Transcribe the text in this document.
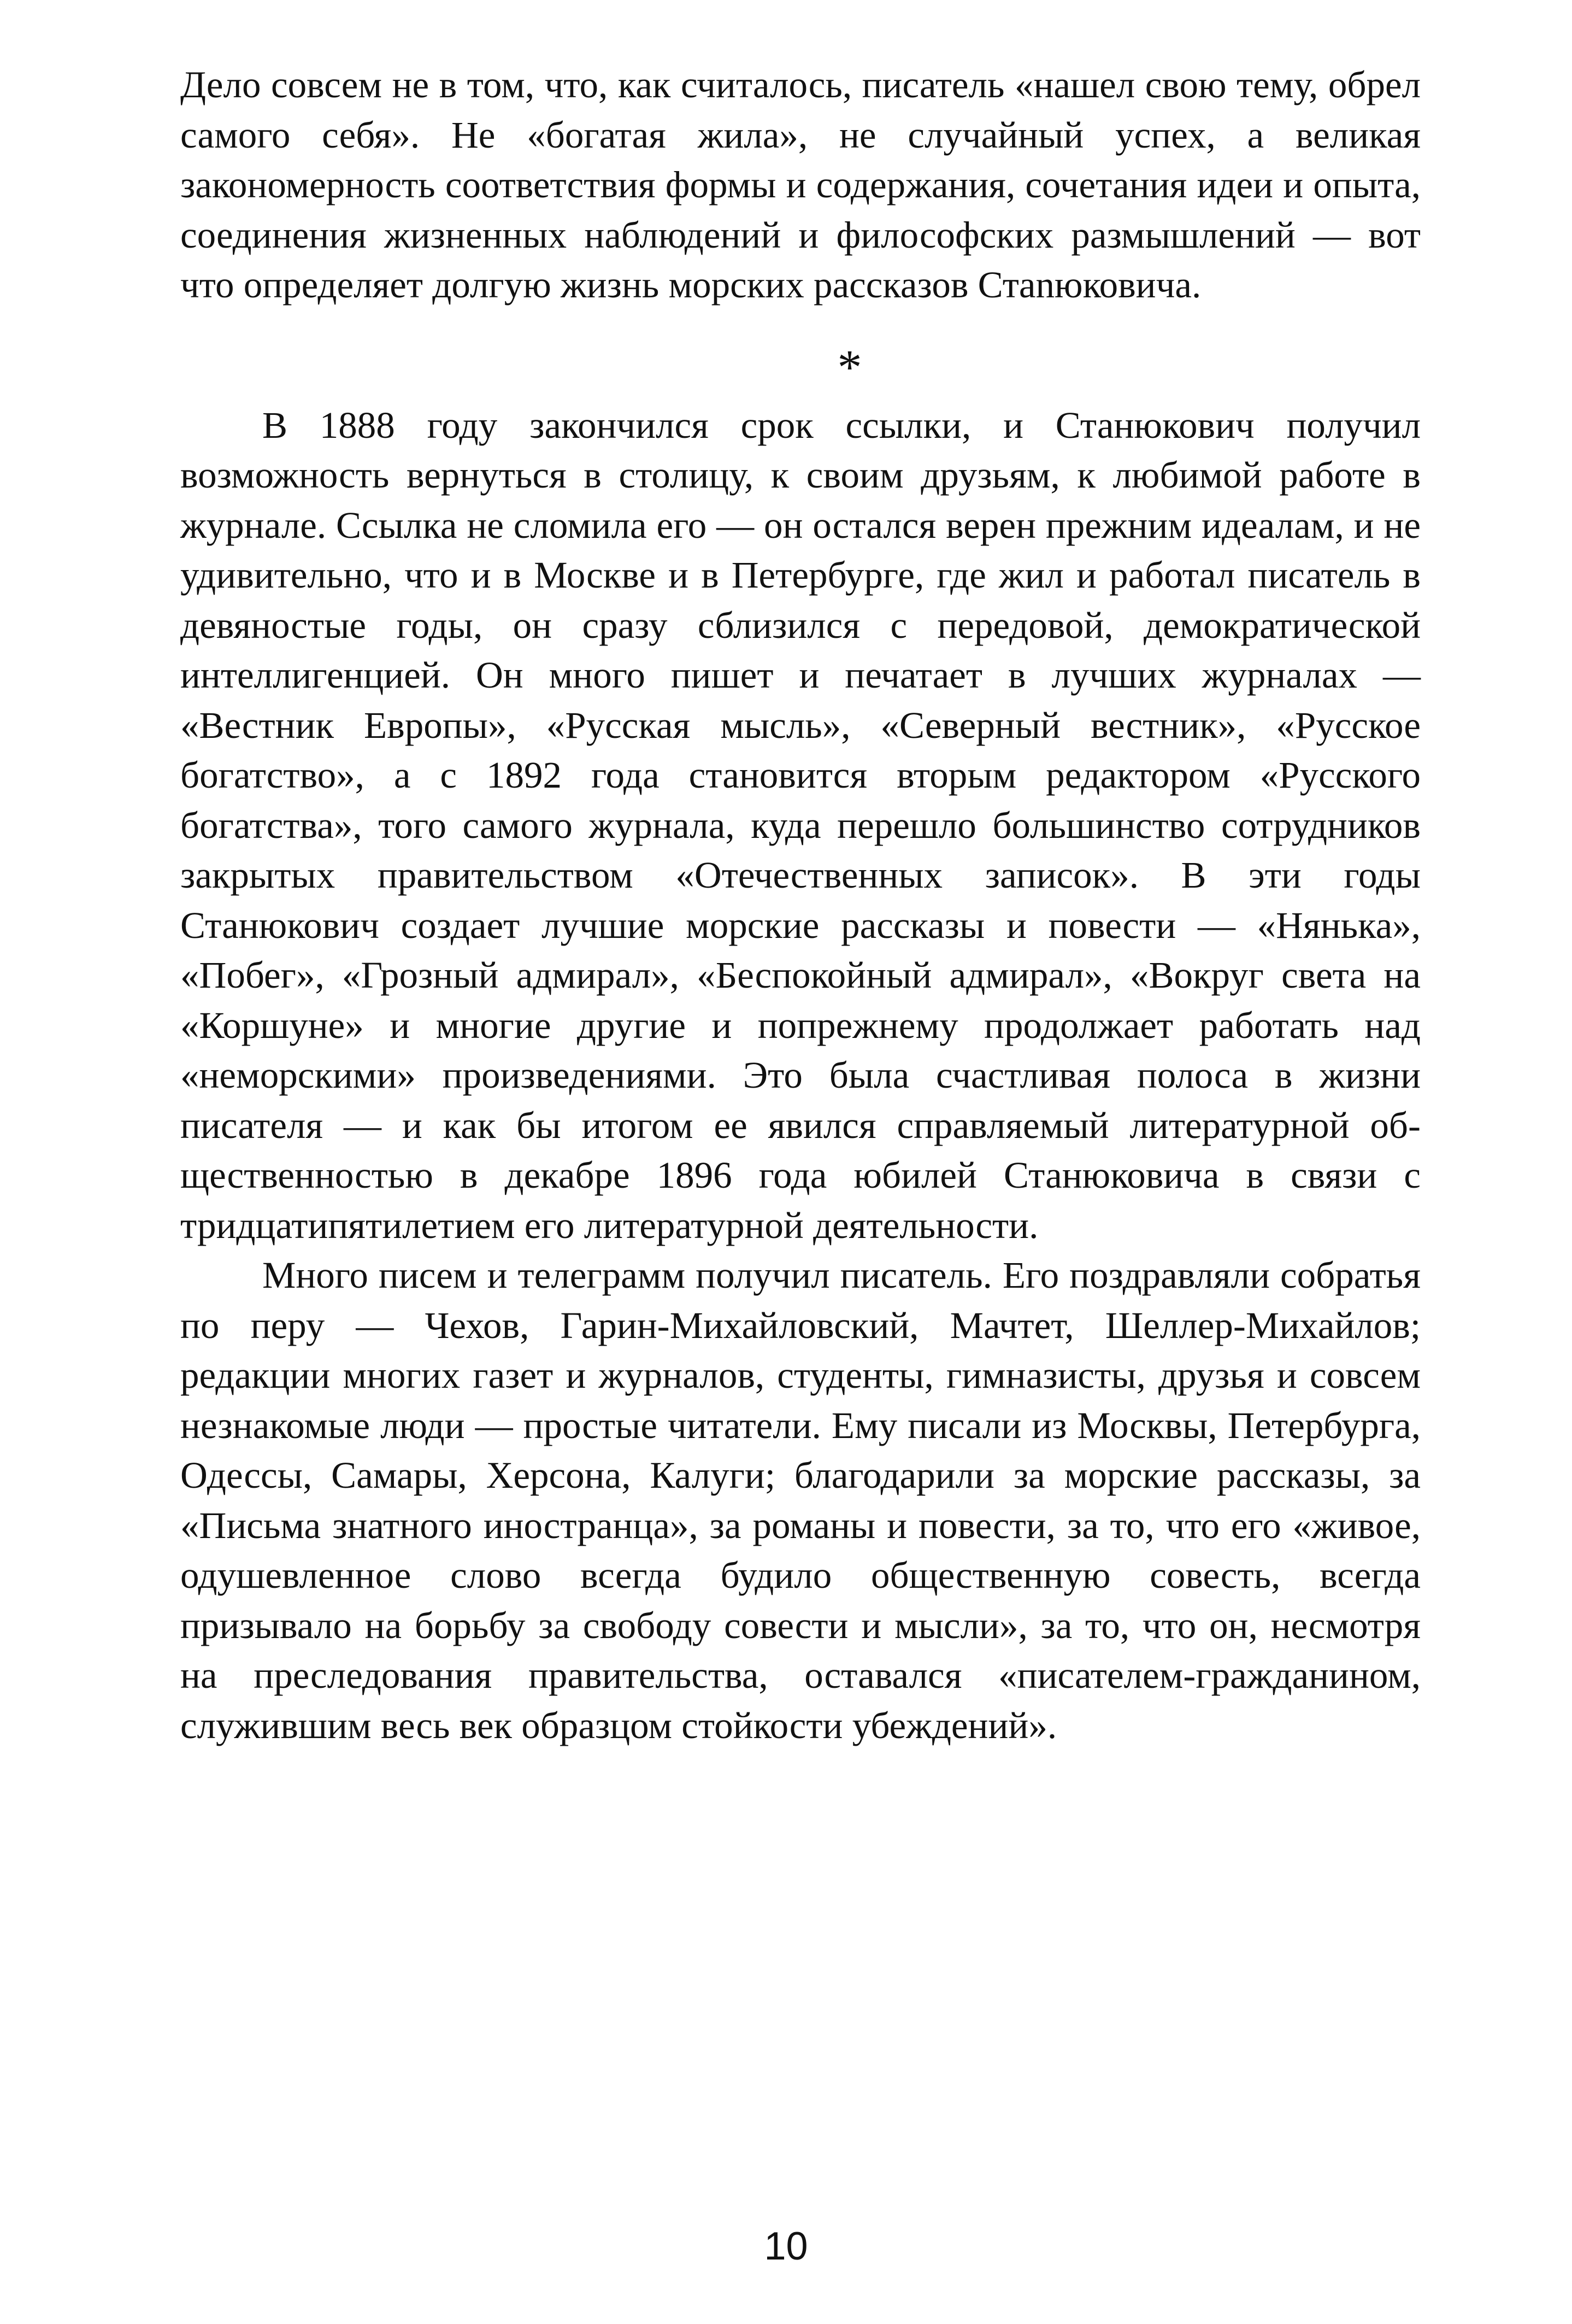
Дело совсем не в том, что, как считалось, писатель «нашел свою тему, обрел самого себя». Не «богатая жила», не случайный успех, а великая закономерность соответствия формы и содержания, сочетания идеи и опыта, соединения жизненных наблюдений и философских размышлений — вот что определяет долгую жизнь морских рассказов Стanюковича.

*

В 1888 году закончился срок ссылки, и Станюкович получил возможность вернуться в столицу, к своим друзьям, к любимой работе в журнале. Ссылка не сломила его — он остался верен прежним идеалам, и не удивительно, что и в Москве и в Петербурге, где жил и работал писатель в девяностые годы, он сразу сблизился с передовой, демократической интеллигенцией. Он много пишет и печатает в лучших журналах — «Вестник Европы», «Русская мысль», «Северный вестник», «Русское богатство», а с 1892 года становится вторым редактором «Русского богатства», того самого журнала, куда перешло большинство сотрудников закрытых правительством «Отечественных записок». В эти годы Станюкович создает лучшие морские рассказы и повести — «Нянька», «Побег», «Грозный адмирал», «Беспокойный адмирал», «Вокруг света на «Коршуне» и многие другие и попрежнему продолжает работать над «неморскими» произведениями. Это была счастливая полоса в жизни писателя — и как бы итогом ее явился справляемый литературной общественностью в декабре 1896 года юбилей Станюковича в связи с тридцатипятилетием его литературной деятельности.

Много писем и телеграмм получил писатель. Его поздравляли собратья по перу — Чехов, Гарин-Михайловский, Мачтет, Шеллер-Михайлов; редакции многих газет и журналов, студенты, гимназисты, друзья и совсем незнакомые люди — простые читатели. Ему писали из Москвы, Петербурга, Одессы, Самары, Херсона, Калуги; благодарили за морские рассказы, за «Письма знатного иностранца», за романы и повести, за то, что его «живое, одушевленное слово всегда будило общественную совесть, всегда призывало на борьбу за свободу совести и мысли», за то, что он, несмотря на преследования правительства, оставался «писателем-гражданином, служившим весь век образцом стойкости убеждений».

10
